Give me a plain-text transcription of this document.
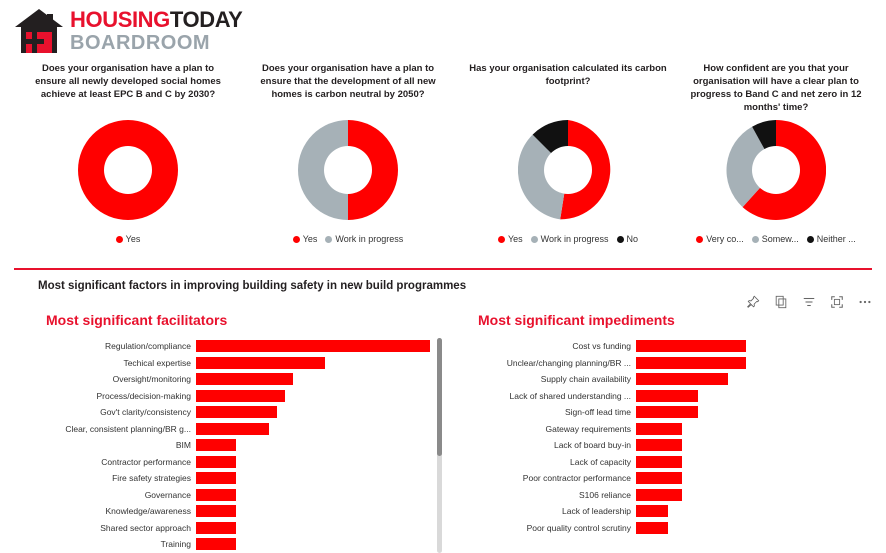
HOUSINGTODAY
BOARDROOM
Does your organisation have a plan to ensure all newly developed social homes achieve at least EPC B and C by 2030?
Yes
Does your organisation have a plan to ensure that the development of all new homes is carbon neutral by 2050?
Yes Work in progress
Has your organisation calculated its carbon footprint?
Yes Work in progress No
How confident are you that your organisation will have a clear plan to progress to Band C and net zero in 12 months' time?
Very co... Somew... Neither ...
Most significant factors in improving building safety in new build programmes
Most significant facilitators
Regulation/compliance
Techical expertise
Oversight/monitoring
Process/decision-making
Gov't clarity/consistency
Clear, consistent planning/BR g...
BIM
Contractor performance
Fire safety strategies
Governance
Knowledge/awareness
Shared sector approach
Training
Most significant impediments
Cost vs funding
Unclear/changing planning/BR ...
Supply chain availability
Lack of shared understanding ...
Sign-off lead time
Gateway requirements
Lack of board buy-in
Lack of capacity
Poor contractor performance
S106 reliance
Lack of leadership
Poor quality control scrutiny
